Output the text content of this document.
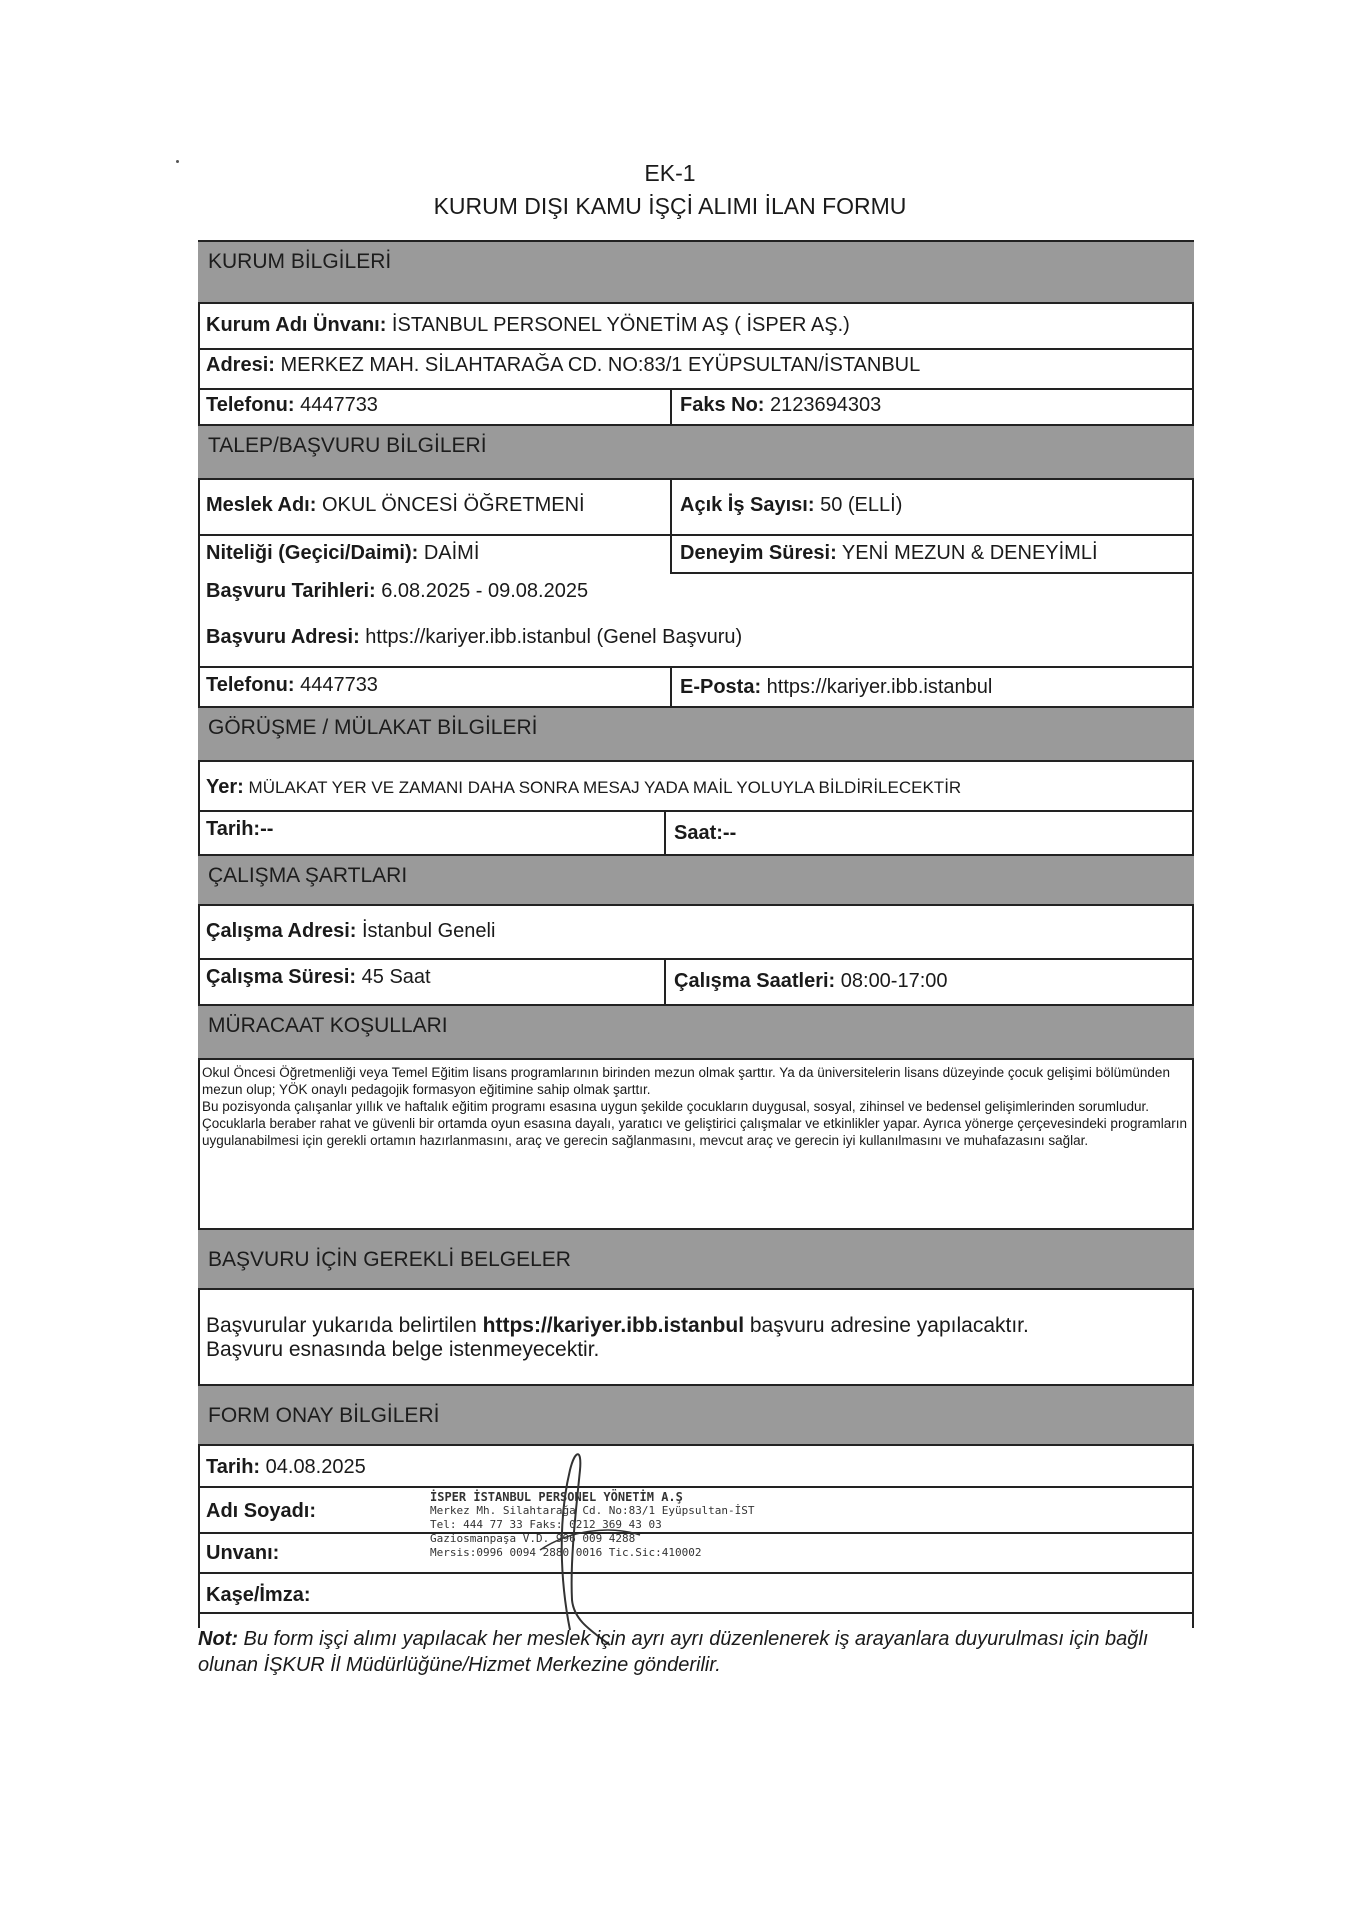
EK-1
KURUM DIŞI KAMU İŞÇİ ALIMI İLAN FORMU
KURUM BİLGİLERİ
Kurum Adı Ünvanı: İSTANBUL PERSONEL YÖNETİM AŞ ( İSPER AŞ.)
Adresi: MERKEZ MAH. SİLAHTARAĞA CD. NO:83/1 EYÜPSULTAN/İSTANBUL
Telefonu: 4447733	Faks No: 2123694303
TALEP/BAŞVURU BİLGİLERİ
Meslek Adı: OKUL ÖNCESİ ÖĞRETMENİ	Açık İş Sayısı: 50 (ELLİ)
Niteliği (Geçici/Daimi): DAİMİ	Deneyim Süresi: YENİ MEZUN & DENEYİMLİ
Başvuru Tarihleri: 6.08.2025 - 09.08.2025
Başvuru Adresi: https://kariyer.ibb.istanbul (Genel Başvuru)
Telefonu: 4447733	E-Posta: https://kariyer.ibb.istanbul
GÖRÜŞME / MÜLAKAT BİLGİLERİ
Yer: MÜLAKAT YER VE ZAMANI DAHA SONRA MESAJ YADA MAİL YOLUYLA BİLDİRİLECEKTİR
Tarih:--	Saat:--
ÇALIŞMA ŞARTLARI
Çalışma Adresi: İstanbul Geneli
Çalışma Süresi: 45 Saat	Çalışma Saatleri: 08:00-17:00
MÜRACAAT KOŞULLARI
Okul Öncesi Öğretmenliği veya Temel Eğitim lisans programlarının birinden mezun olmak şarttır. Ya da üniversitelerin lisans düzeyinde çocuk gelişimi bölümünden mezun olup; YÖK onaylı pedagojik formasyon eğitimine sahip olmak şarttır.
Bu pozisyonda çalışanlar yıllık ve haftalık eğitim programı esasına uygun şekilde çocukların duygusal, sosyal, zihinsel ve bedensel gelişimlerinden sorumludur.
Çocuklarla beraber rahat ve güvenli bir ortamda oyun esasına dayalı, yaratıcı ve geliştirici çalışmalar ve etkinlikler yapar. Ayrıca yönerge çerçevesindeki programların uygulanabilmesi için gerekli ortamın hazırlanmasını, araç ve gerecin sağlanmasını, mevcut araç ve gerecin iyi kullanılmasını ve muhafazasını sağlar.
BAŞVURU İÇİN GEREKLİ BELGELER
Başvurular yukarıda belirtilen https://kariyer.ibb.istanbul başvuru adresine yapılacaktır.
Başvuru esnasında belge istenmeyecektir.
FORM ONAY BİLGİLERİ
Tarih: 04.08.2025
Adı Soyadı:
Unvanı:
Kaşe/İmza:
İSPER İSTANBUL PERSONEL YÖNETİM A.Ş
Merkez Mh. Silahtarağa Cd. No:83/1 Eyüpsultan-İST
Tel: 444 77 33 Faks: 0212 369 43 03
Gaziosmanpaşa V.D. 996 009 4288
Mersis:0996 0094 2880 0016 Tic.Sic:410002
Not: Bu form işçi alımı yapılacak her meslek için ayrı ayrı düzenlenerek iş arayanlara duyurulması için bağlı olunan İŞKUR İl Müdürlüğüne/Hizmet Merkezine gönderilir.
